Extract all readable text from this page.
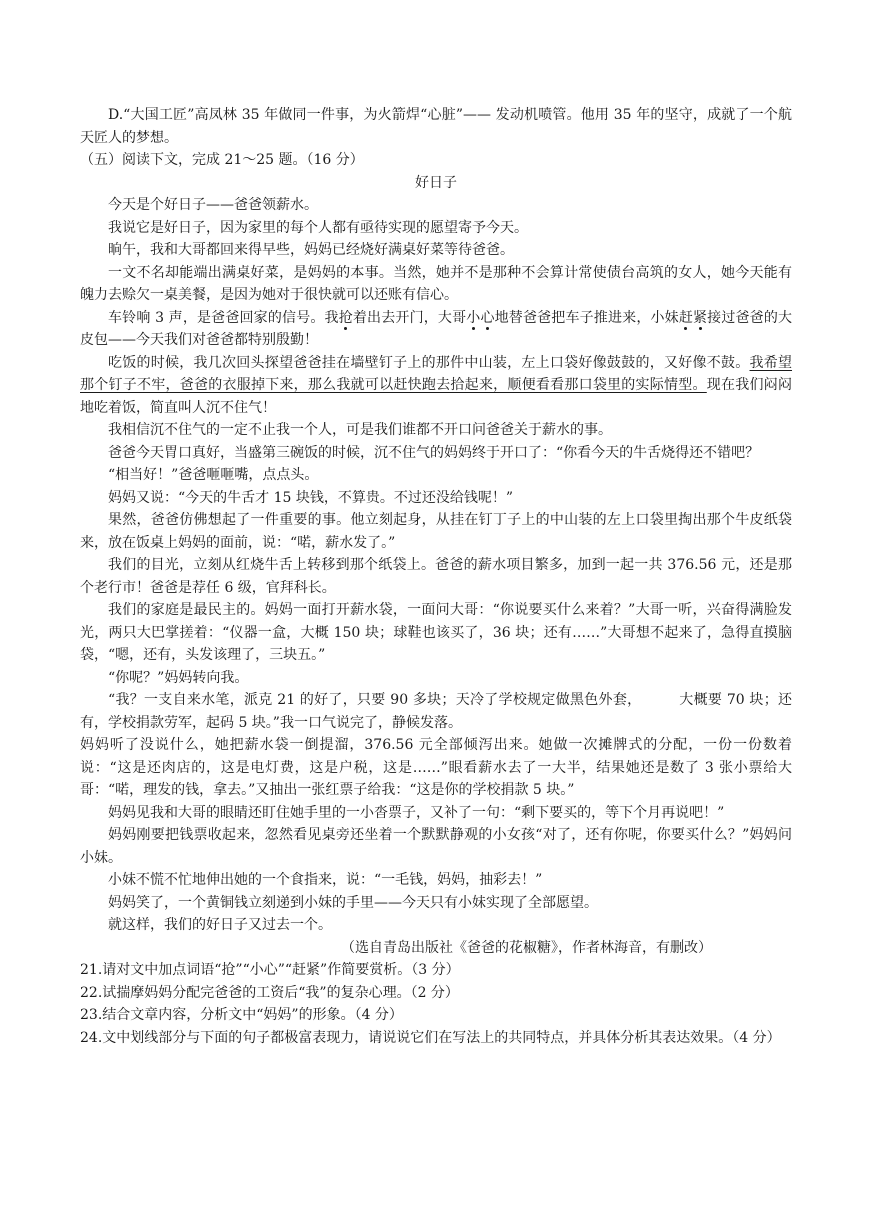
D.“大国工匠”高凤林 35 年做同一件事，为火箭焊“心脏”—— 发动机喷管。他用 35 年的坚守，成就了一个航天匠人的梦想。

（五）阅读下文，完成 21～25 题。（16 分）

好日子

今天是个好日子——爸爸领薪水。

我说它是好日子，因为家里的每个人都有亟待实现的愿望寄予今天。

晌午，我和大哥都回来得早些，妈妈已经烧好满桌好菜等待爸爸。

一文不名却能端出满桌好菜，是妈妈的本事。当然，她并不是那种不会算计常使债台高筑的女人，她今天能有魄力去赊欠一桌美餐，是因为她对于很快就可以还账有信心。

车铃响 3 声，是爸爸回家的信号。我抢着出去开门，大哥小心地替爸爸把车子推进来，小妹赶紧接过爸爸的大皮包——今天我们对爸爸都特别殷勤！

吃饭的时候，我几次回头探望爸爸挂在墙壁钉子上的那件中山装，左上口袋好像鼓鼓的，又好像不鼓。我希望那个钉子不牢，爸爸的衣服掉下来，那么我就可以赶快跑去拾起来，顺便看看那口袋里的实际情型。现在我们闷闷地吃着饭，简直叫人沉不住气！

我相信沉不住气的一定不止我一个人，可是我们谁都不开口问爸爸关于薪水的事。

爸爸今天胃口真好，当盛第三碗饭的时候，沉不住气的妈妈终于开口了：“你看今天的牛舌烧得还不错吧？

“相当好！”爸爸咂咂嘴，点点头。

妈妈又说：“今天的牛舌才 15 块钱，不算贵。不过还没给钱呢！”

果然，爸爸仿佛想起了一件重要的事。他立刻起身，从挂在钉丁子上的中山装的左上口袋里掏出那个牛皮纸袋来，放在饭桌上妈妈的面前，说：“喏，薪水发了。”

我们的目光，立刻从红烧牛舌上转移到那个纸袋上。爸爸的薪水项目繁多，加到一起一共 376.56 元，还是那个老行市！爸爸是荐任 6 级，官拜科长。

我们的家庭是最民主的。妈妈一面打开薪水袋，一面问大哥：“你说要买什么来着？”大哥一听，兴奋得满脸发光，两只大巴掌搓着：“仪器一盒，大概 150 块；球鞋也该买了，36 块；还有……”大哥想不起来了，急得直摸脑袋，“嗯，还有，头发该理了，三块五。”

“你呢？”妈妈转向我。

“我？一支自来水笔，派克 21 的好了，只要 90 多块；天冷了学校规定做黑色外套，        大概要 70 块；还有，学校捐款劳军，起码 5 块。”我一口气说完了，静候发落。

妈妈听了没说什么，她把薪水袋一倒提溜，376.56 元全部倾泻出来。她做一次摊牌式的分配，一份一份数着说：“这是还肉店的，这是电灯费，这是户税，这是……”眼看薪水去了一大半，结果她还是数了 3 张小票给大哥：“喏，理发的钱，拿去。”又抽出一张红票子给我：“这是你的学校捐款 5 块。”

妈妈见我和大哥的眼睛还盯住她手里的一小沓票子，又补了一句：“剩下要买的，等下个月再说吧！”

妈妈刚要把钱票收起来，忽然看见桌旁还坐着一个默默静观的小女孩“对了，还有你呢，你要买什么？”妈妈问小妹。

小妹不慌不忙地伸出她的一个食指来，说：“一毛钱，妈妈，抽彩去！”

妈妈笑了，一个黄铜钱立刻递到小妹的手里——今天只有小妹实现了全部愿望。

就这样，我们的好日子又过去一个。

（选自青岛出版社《爸爸的花椒糖》，作者林海音，有删改）

21.请对文中加点词语“抢”“小心”“赶紧”作简要赏析。（3 分）

22.试揣摩妈妈分配完爸爸的工资后“我”的复杂心理。（2 分）

23.结合文章内容，分析文中“妈妈”的形象。（4 分）

24.文中划线部分与下面的句子都极富表现力，请说说它们在写法上的共同特点，并具体分析其表达效果。（4 分）
